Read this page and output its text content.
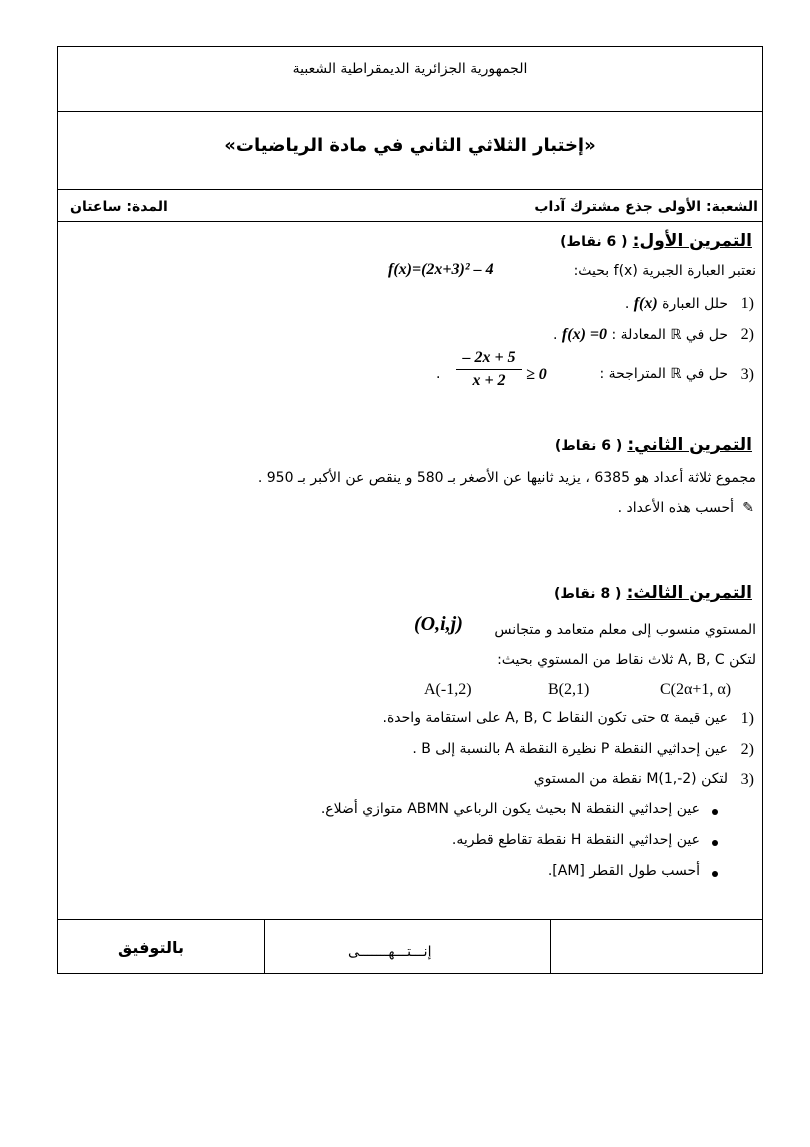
الجمهورية الجزائرية الديمقراطية الشعبية
«إختبار الثلاثي الثاني في مادة الرياضيات»
الشعبة: الأولى جذع مشترك آداب
المدة: ساعتان
التمرين الأول: ( 6 نقاط)
نعتبر العبارة الجبرية f(x) بحيث:
f(x)=(2x+3)² – 4
حلل العبارة f(x) .	1)
حل في ℝ المعادلة : f(x) =0 .	2)
حل في ℝ المتراجحة : 3)
$\frac{- 2x + 5}{x + 2} \ge 0$
.
التمرين الثاني: ( 6 نقاط)
مجموع ثلاثة أعداد هو 6385 ، يزيد ثانيها عن الأصغر بـ 580 و ينقص عن الأكبر بـ 950 .
أحسب هذه الأعداد . ✎
التمرين الثالث: ( 8 نقاط)
المستوي منسوب إلى معلم متعامد و متجانس
(O,i,j)
لتكن A, B, C ثلاث نقاط من المستوي بحيث:
A(-1,2)	B(2,1)	C(2α+1, α)
عين قيمة α حتى تكون النقاط A, B, C على استقامة واحدة. 1)
عين إحداثيي النقطة P نظيرة النقطة A بالنسبة إلى B . 2)
لتكن M(1,-2) نقطة من المستوي 3)
عين إحداثيي النقطة N بحيث يكون الرباعي ABMN متوازي أضلاع.
عين إحداثيي النقطة H نقطة تقاطع قطريه.
أحسب طول القطر [AM].
بالتوفيق	إنـــتـــهـــــــى
